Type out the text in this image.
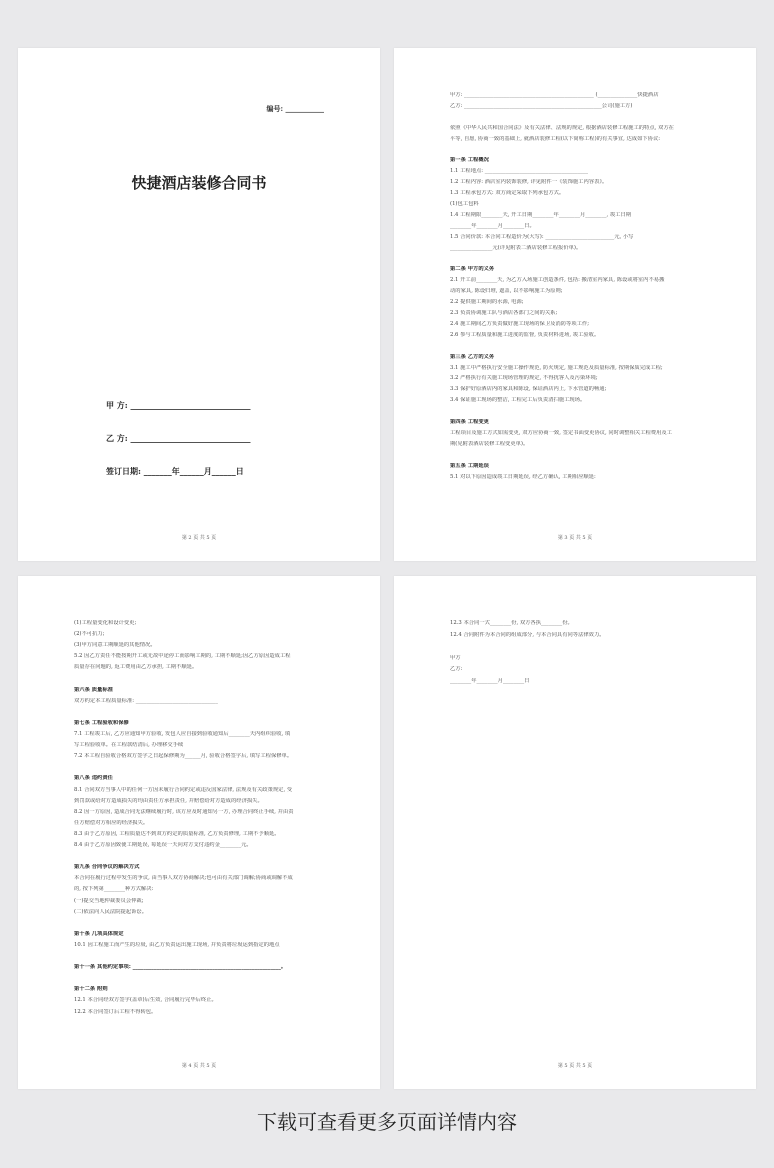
编号: ___________
快捷酒店装修合同书
甲 方: ______________________________
乙 方: ______________________________
签订日期: _______年______月______日
第 2 页 共 5 页	第 3 页 共 5 页
甲方: _________________________________________________ (_______________快捷酒店
乙方: ____________________________________________________公司(施工方)
依照《中华人民共和国合同法》及有关法律、法规的规定, 根据酒店装修工程施工的特点, 双方在
平等, 自愿, 协商一致的基础上, 就酒店装修工程(以下简称工程)的有关事宜, 达成如下协议:
第一条 工程概况
1.1 工程地点: _______________________________________
1.2 工程内容: 酒店室内装饰装修, 详见附件一《装饰施工内容表》。
1.3 工程承包方式: 双方商定采取下列承包方式。
(1)包工包料
1.4 工程期限________天, 开工日期________年________月________, 竣工日期
________年________月________日。
1.5 合同价款: 本合同工程造价为(大写): __________________________元, 小写
________________元(详见附表二酒店装修工程报价单)。
第二条 甲方的义务
2.1 开工前________天, 为乙方入场施工创造条件, 包括: 搬清室内家具, 陈设或将室内不易搬
动的家具, 陈设归堆, 遮盖, 以不影响施工为原则;
2.2 提供施工期间的水源, 电源;
2.3 负责协调施工队与酒店各部门之间的关系;
2.4 施工期间乙方负责做好施工现场的保卫及消防等项工作;
2.6 参与工程质量和施工进度的监督, 负责材料进场, 竣工验收。
第三条 乙方的义务
3.1 施工中严格执行安全施工操作规范, 防火规定, 施工规范及质量标准, 按期保质完成工程;
3.2 严格执行有关施工现场管理的规定, 不得扰客人及污染环境;
3.3 保护好原酒店内的家具和陈设, 保证酒店内上, 下水管道的畅通;
3.4 保证施工现场的整洁, 工程完工后负责清扫施工现场。
第四条 工程变更
工程项目及施工方式如需变更, 双方应协商一致, 签定书面变更协议, 同时调整相关工程费用及工
期(见附表酒店装修工程变更单)。
第五条 工期延误
5.1 对以下原因造成竣工日期延误, 经乙方确认, 工期相应顺延:
第 4 页 共 5 页
(1)工程量变化和设计变更;
(2)不可抗力;
(3)甲方同意工期顺延的其他情况。
5.2 因乙方责任不能按期开工或无故中途停工而影响工期的, 工期不顺延;因乙方原因造成工程
质量存在问题的, 返工费用由乙方承担, 工期不顺延。
第六条 质量标准
双方约定本工程质量标准: _______________________________
第七条 工程验收和保修
7.1 工程竣工后, 乙方应通知甲方验收, 发包人应自接到验收通知后________天内组织验收, 填
写工程验收单。在工程款结清后, 办理移交手续
7.2 本工程自验收合格双方签字之日起保修期为______月, 验收合格签字后, 填写工程保修单。
第八条 违约责任
8.1 合同双方当事人中的任何一方因未履行合同约定或违反国家法律, 法规及有关政策规定, 受
到罚款或给对方造成损失的均由责任方承担责任, 并赔偿给对方造成的经济损失。
8.2 因一方原因, 造成合同无法继续履行时, 该方应及时通知另一方, 办理合同终止手续, 并由责
任方赔偿对方相应的经济损失。
8.3 由于乙方原因, 工程质量达不到双方约定的质量标准, 乙方负责修理, 工期不予顺延。
8.4 由于乙方原因致使工期延误, 每延误一天向对方支付违约金________元。
第九条 合同争议的解决方式
本合同在履行过程中发生的争议, 由当事人双方协商解决;也可由有关部门调解;协商或调解不成
的, 按下列第________种方式解决:
(一)提交当地仲裁委员会仲裁;
(二)依法向人民法院提起诉讼。
第十条 几项具体规定
10.1 因工程施工而产生的垃圾, 由乙方负责运出施工现场, 并负责将垃圾运到指定的地点
第十一条 其他约定事项: ________________________________________________________。
第十二条 附则
12.1 本合同经双方签字(盖章)后生效, 合同履行完毕后终止。
12.2 本合同签订后工程不得转包。
第 5 页 共 5 页
12.3 本合同一式________份, 双方各执________份。
12.4 合同附件为本合同的组成部分, 与本合同具有同等法律效力。
甲方
乙方:
________年________月________日
下载可查看更多页面详情内容
